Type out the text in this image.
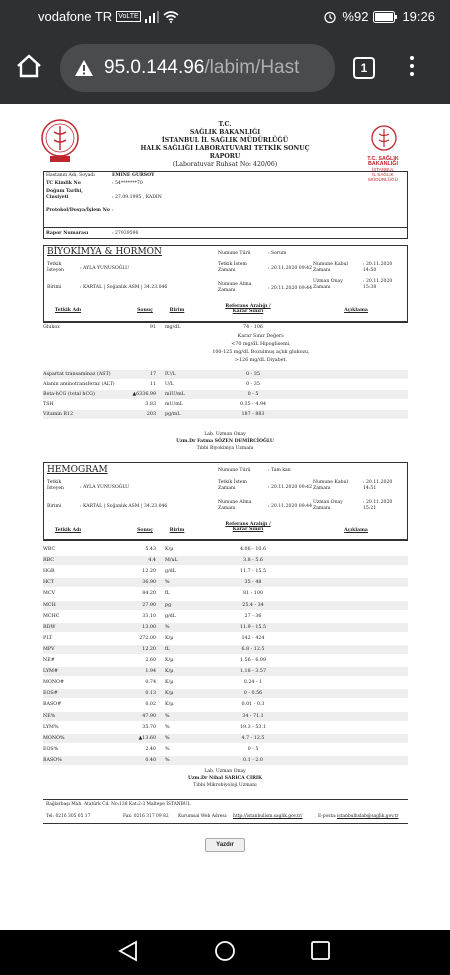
vodafone TR VoLTE	%92	19:26
95.0.144.96 /labim/Hast	1
T.C.
SAĞLIK BAKANLIĞI
İSTANBUL İL SAĞLIK MÜDÜRLÜĞÜ
HALK SAĞLIĞI LABORATUVARI TETKİK SONUÇ RAPORU
(Laboratuvar Ruhsat No: 420/06)
T.C. SAĞLIK BAKANLIĞI
İSTANBUL
İL SAĞLIK MÜDÜRLÜĞÜ
Hastanın Adı, Soyadı	EMİNE GÜRSOY
TC Kimlik No	: 54*******70
Doğum Tarihi, Cinsiyeti	: 27.09.1995 , KADIN
Protokol/Dosya/İşlem No :
Rapor Numarası	: 27939596
BİYOKİMYA & HORMON	Numune Türü	: Serum
Tetkik İsteyen	: AYLA YUNUSOĞLU
Tetkik İstem Zamanı	: 20.11.2020 09:42
Numune Kabul Zamanı
: 20.11.2020 14:50
Birimi	: KARTAL | Soğanlık ASM | 34.23.046
Numune Alma Zamanı	: 20.11.2020 09:44
Uzman Onay Zamanı
: 20.11.2020 15:38
Tetkik Adı	Sonuç	Birim
Referans Aralığı / Karar Sınırı	Açıklama
Glukoz	91 mg/dL	74 - 106
Karar Sınır Değeri:
<70 mg/dL Hipoglisemi,
100-125 mg/dL Bozulmuş açlık glukozu,
>126 mg/dL Diyabet.
Aspartat transaminaz (AST)	17 IU/L	0 - 35
Alanin aminotransferaz (ALT)	11 U/L	0 - 35
Beta-hCG (total hCG)	▲6336.99 mIU/mL	0 - 5
TSH	3.83 mU/mL	0.35 - 4.94
Vitamin B12	203 pg/mL	187 - 883
Lab. Uzman Onay
Uzm.Dr Fatma SÖZEN DEMİRCİOĞLU
Tıbbi Biyokimya Uzmanı
HEMOGRAM	Numune Türü	: Tam kan
Tetkik İsteyen	: AYLA YUNUSOĞLU
Tetkik İstem Zamanı	: 20.11.2020 09:42
Numune Kabul Zamanı
: 20.11.2020 14:51
Birimi	: KARTAL | Soğanlık ASM | 34.23.046
Numune Alma Zamanı	: 20.11.2020 09:44
Uzman Onay Zamanı
: 20.11.2020 15:21
Tetkik Adı	Sonuç	Birim
Referans Aralığı / Karar Sınırı	Açıklama
WBC	5.43 K/µ	4.06 - 10.6
RBC	4.4 M/uL	3.8 - 5.6
HGB	12.20 g/dL	11.7 - 15.5
HCT	36.90 %	35 - 48
MCV	84.20 fL	81 - 100
MCH	27.90 pg	25.4 - 34
MCHC	33.10 g/dL	27 - 36
RDW	13.00 %	11.9 - 15.5
PLT	272.00 K/µ	142 - 424
MPV	12.20 fL	6.8 - 12.5
NE#	2.60 K/µ	1.56 - 6.09
LYM#	1.94 K/µ	1.18 - 3.57
MONO#	0.74 K/µ	0.24 - 1
EOS#	0.13 K/µ	0 - 0.56
BASO#	0.02 K/µ	0.01 - 0.3
NE%	47.90 %	34 - 71.1
LYM%	35.70 %	19.3 - 53.1
MONO%	▲13.60 %	4.7 - 12.5
EOS%	2.40 %	0 - 5
BASO%	0.40 %	0.1 - 2.0
Lab. Uzman Onay
Uzm.Dr Nihal SARICA CIRIK
Tıbbi Mikrobiyoloji Uzmanı
Bağlarbaşı Mah. Atatürk Cd. No:138 Kat:2-3 Maltepe İSTANBUL
Tel: 0216 305 05 17	Fax: 0216 317 09 82 Kurumsal Web Adresi: http://istanbulism.saglik.gov.tr/	E-posta: istanbulhslab@saglik.gov.tr
Yazdır
